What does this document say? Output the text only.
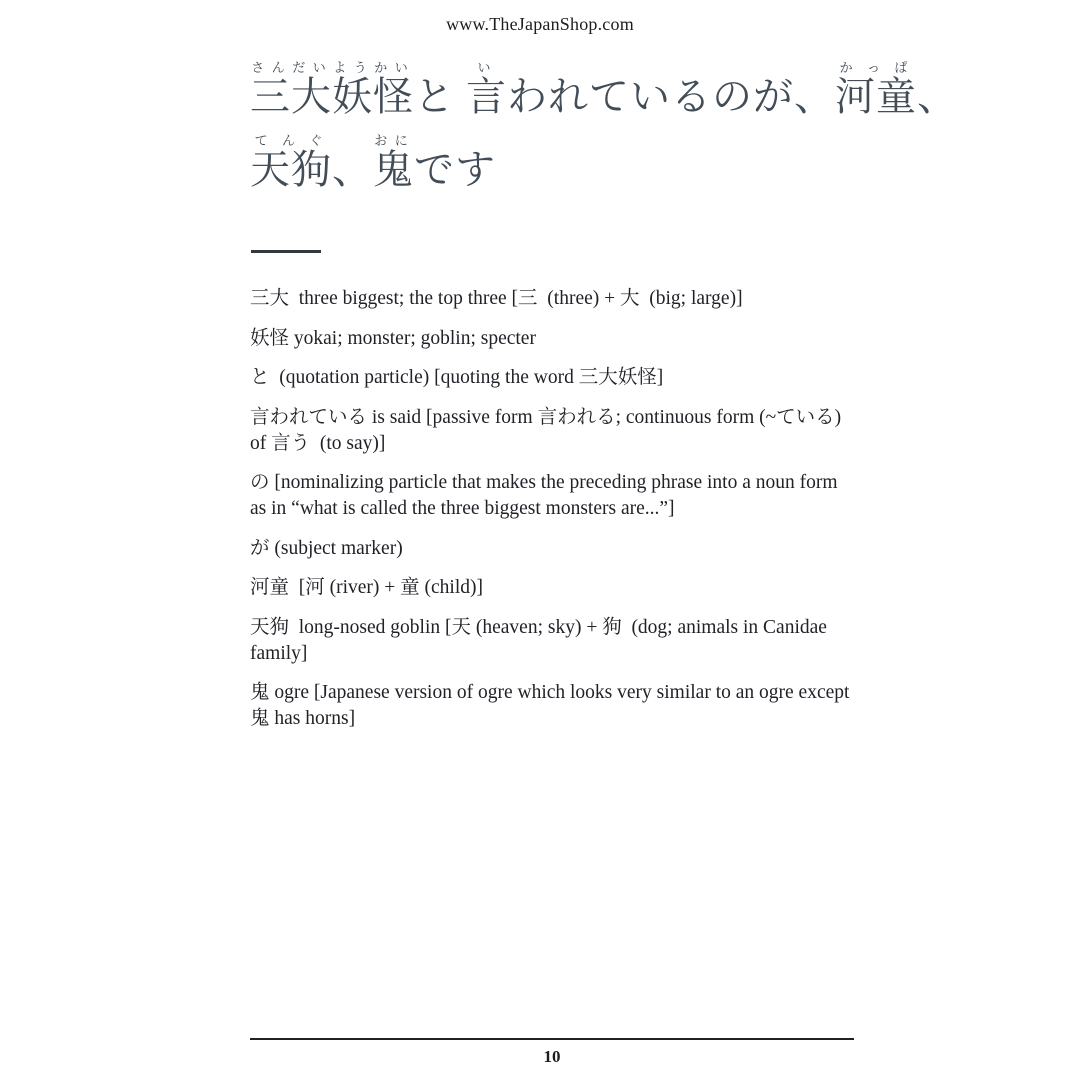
www.TheJapanShop.com
三大妖怪さんだいようかいと 言いわれているのが、河童かっぱ、
天狗てんぐ、鬼おにです

三大  three biggest; the top three [三  (three) + 大  (big; large)]

妖怪 yokai; monster; goblin; specter

と  (quotation particle) [quoting the word 三大妖怪]

言われている is said [passive form 言われる; continuous form (~ている) of 言う  (to say)]

の [nominalizing particle that makes the preceding phrase into a noun form as in “what is called the three biggest monsters are...”]

が (subject marker)

河童  [河 (river) + 童 (child)]

天狗  long-nosed goblin [天 (heaven; sky) + 狗  (dog; animals in Canidae family]

鬼 ogre [Japanese version of ogre which looks very similar to an ogre except 鬼 has horns]

10
